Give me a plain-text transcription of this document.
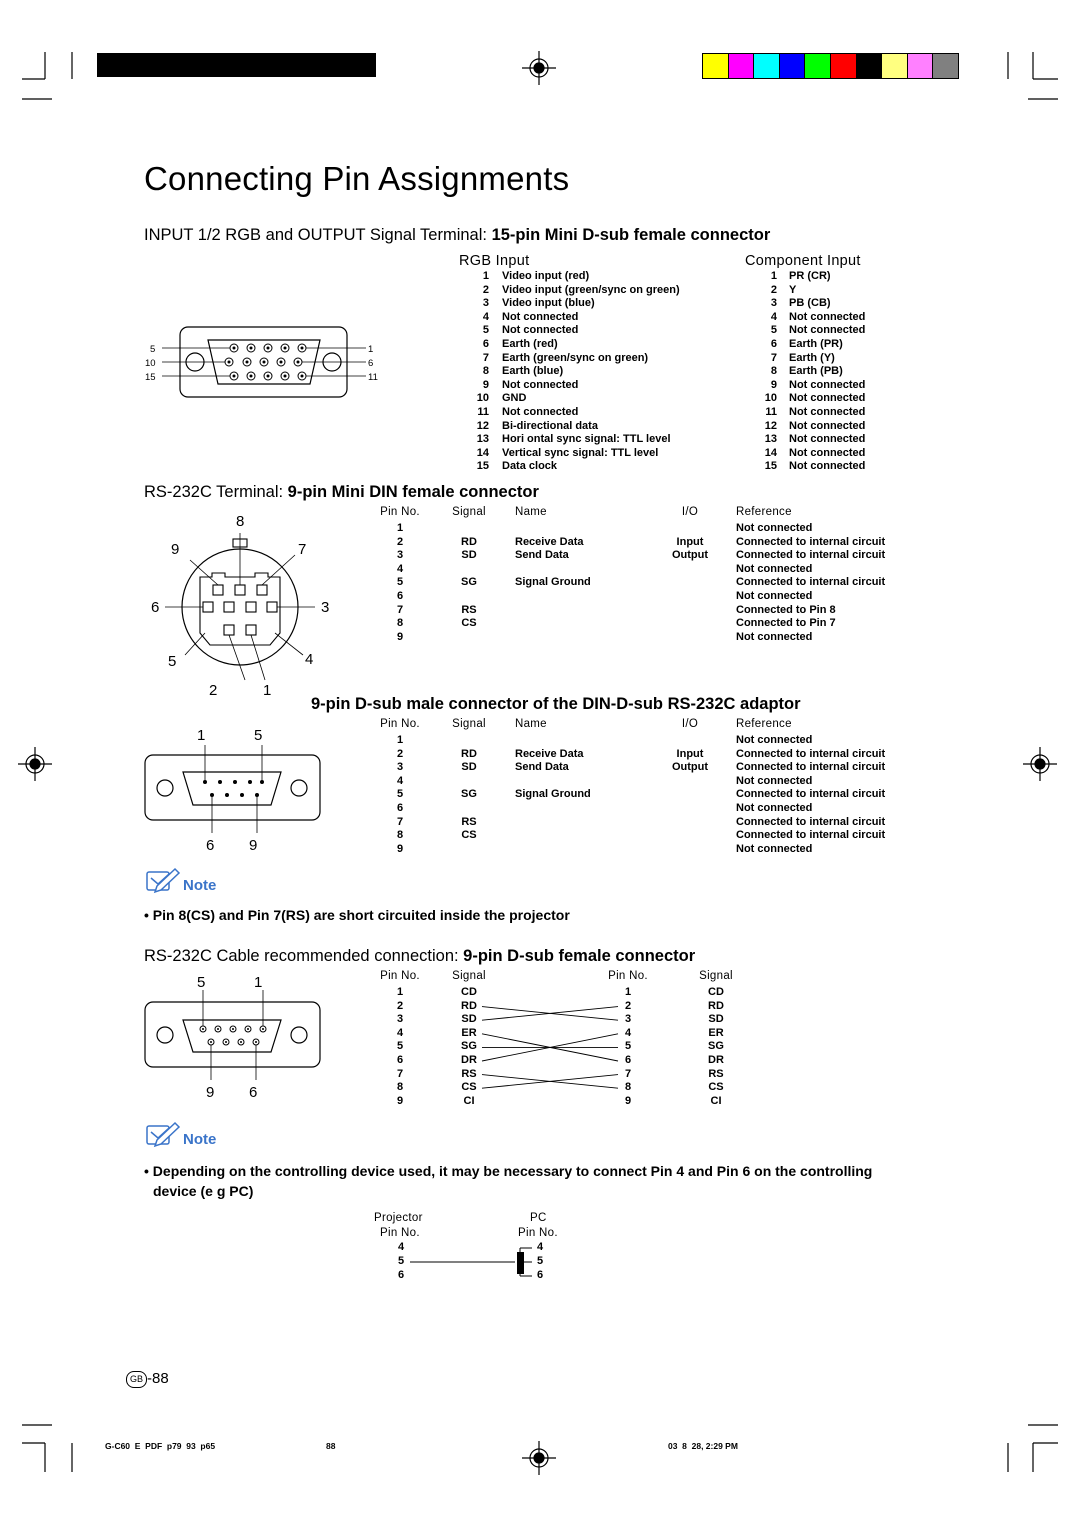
Connecting Pin Assignments
INPUT 1/2 RGB and OUTPUT Signal Terminal: 15-pin Mini D-sub female connector
RGB Input	Component Input
5
10
15
1
6
11
1 Video input (red)
2 Video input (green/sync on green)
3 Video input (blue)
4 Not connected
5 Not connected
6 Earth (red)
7 Earth (green/sync on green)
8 Earth (blue)
9 Not connected
10 GND
11 Not connected
12 Bi-directional data
13 Hori ontal sync signal: TTL level
14 Vertical sync signal: TTL level
15 Data clock
1 PR (CR)
2 Y
3 PB (CB)
4 Not connected
5 Not connected
6 Earth (PR)
7 Earth (Y)
8 Earth (PB)
9 Not connected
10 Not connected
11 Not connected
12 Not connected
13 Not connected
14 Not connected
15 Not connected
RS-232C Terminal: 9-pin Mini DIN female connector
8
9	7
6	3
5	4
2	1
Pin No.	Signal	Name	I/O	Reference
1	Not connected
2	RD	Receive Data	Input	Connected to internal circuit
3	SD	Send Data	Output	Connected to internal circuit
4	Not connected
5	SG	Signal Ground	Connected to internal circuit
6	Not connected
7	RS	Connected to Pin 8
8	CS	Connected to Pin 7
9	Not connected
9-pin D-sub male connector of the DIN-D-sub RS-232C adaptor
1	5
6 9
Pin No.	Signal	Name	I/O	Reference
1	Not connected
2	RD	Receive Data	Input	Connected to internal circuit
3	SD	Send Data	Output	Connected to internal circuit
4	Not connected
5	SG	Signal Ground	Connected to internal circuit
6	Not connected
7	RS	Connected to internal circuit
8	CS	Connected to internal circuit
9	Not connected
Note
• Pin 8(CS) and Pin 7(RS) are short circuited inside the projector
RS-232C Cable recommended connection: 9-pin D-sub female connector
5	1
9 6
Pin No.	Signal	Pin No.	Signal
1	CD	1	CD
2	RD	2	RD
3	SD	3	SD
4	ER	4	ER
5	SG	5	SG
6	DR	6	DR
7	RS	7	RS
8	CS	8	CS
9	CI	9	CI
Note
• Depending on the controlling device used, it may be necessary to connect Pin 4 and Pin 6 on the controlling
device (e g PC)
Projector
Pin No.
PC
Pin No.
4
5
6
4
5
6
GB -88
G-C60  E  PDF  p79  93  p65	88	03  8  28, 2:29 PM
